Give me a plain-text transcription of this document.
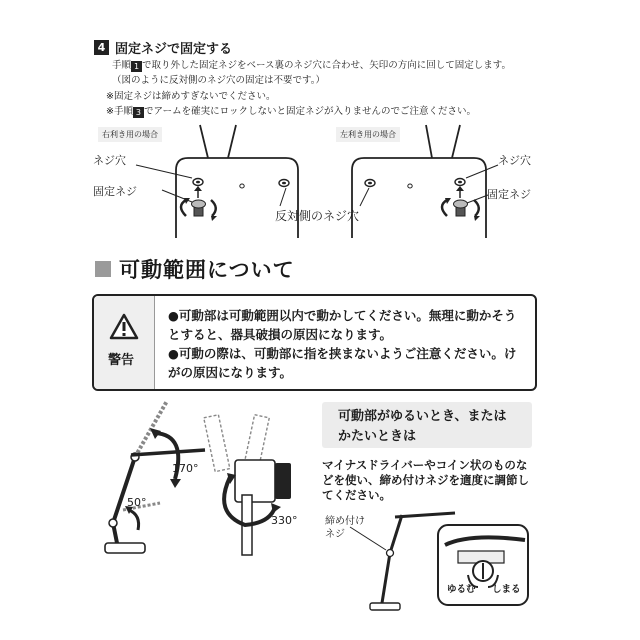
4 固定ネジで固定する
手順 1 で取り外した固定ネジをベース裏のネジ穴に合わせ、矢印の方向に回して固定します。
（図のように反対側のネジ穴の固定は不要です。）
※固定ネジは締めすぎないでください。
※手順 3 でアームを確実にロックしないと固定ネジが入りませんのでご注意ください。
右利き用の場合	左利き用の場合
ネジ穴
固定ネジ
ネジ穴
固定ネジ
反対側のネジ穴
可動範囲について
警告
●可動部は可動範囲以内で動かしてください。無理に動かそうとすると、器具破損の原因になります。
●可動の際は、可動部に指を挟まないようご注意ください。けがの原因になります。
170°
50°
330°
可動部がゆるいとき、または
かたいときは
マイナスドライバーやコイン状のものなどを使い、締め付けネジを適度に調節してください。
締め付け
ネジ
ゆるむ しまる
